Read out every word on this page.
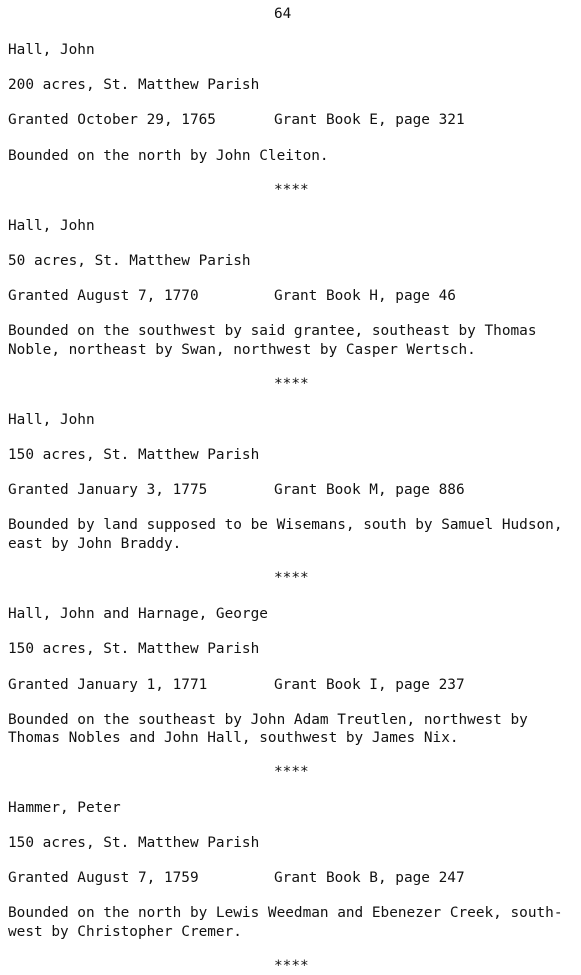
64
Hall, John
200 acres, St. Matthew Parish
Granted October 29, 1765	Grant Book E, page 321
Bounded on the north by John Cleiton.
****
Hall, John
50 acres, St. Matthew Parish
Granted August 7, 1770	Grant Book H, page 46
Bounded on the southwest by said grantee, southeast by Thomas
Noble, northeast by Swan, northwest by Casper Wertsch.
****
Hall, John
150 acres, St. Matthew Parish
Granted January 3, 1775	Grant Book M, page 886
Bounded by land supposed to be Wisemans, south by Samuel Hudson,
east by John Braddy.
****
Hall, John and Harnage, George
150 acres, St. Matthew Parish
Granted January 1, 1771	Grant Book I, page 237
Bounded on the southeast by John Adam Treutlen, northwest by
Thomas Nobles and John Hall, southwest by James Nix.
****
Hammer, Peter
150 acres, St. Matthew Parish
Granted August 7, 1759	Grant Book B, page 247
Bounded on the north by Lewis Weedman and Ebenezer Creek, south-
west by Christopher Cremer.
****
